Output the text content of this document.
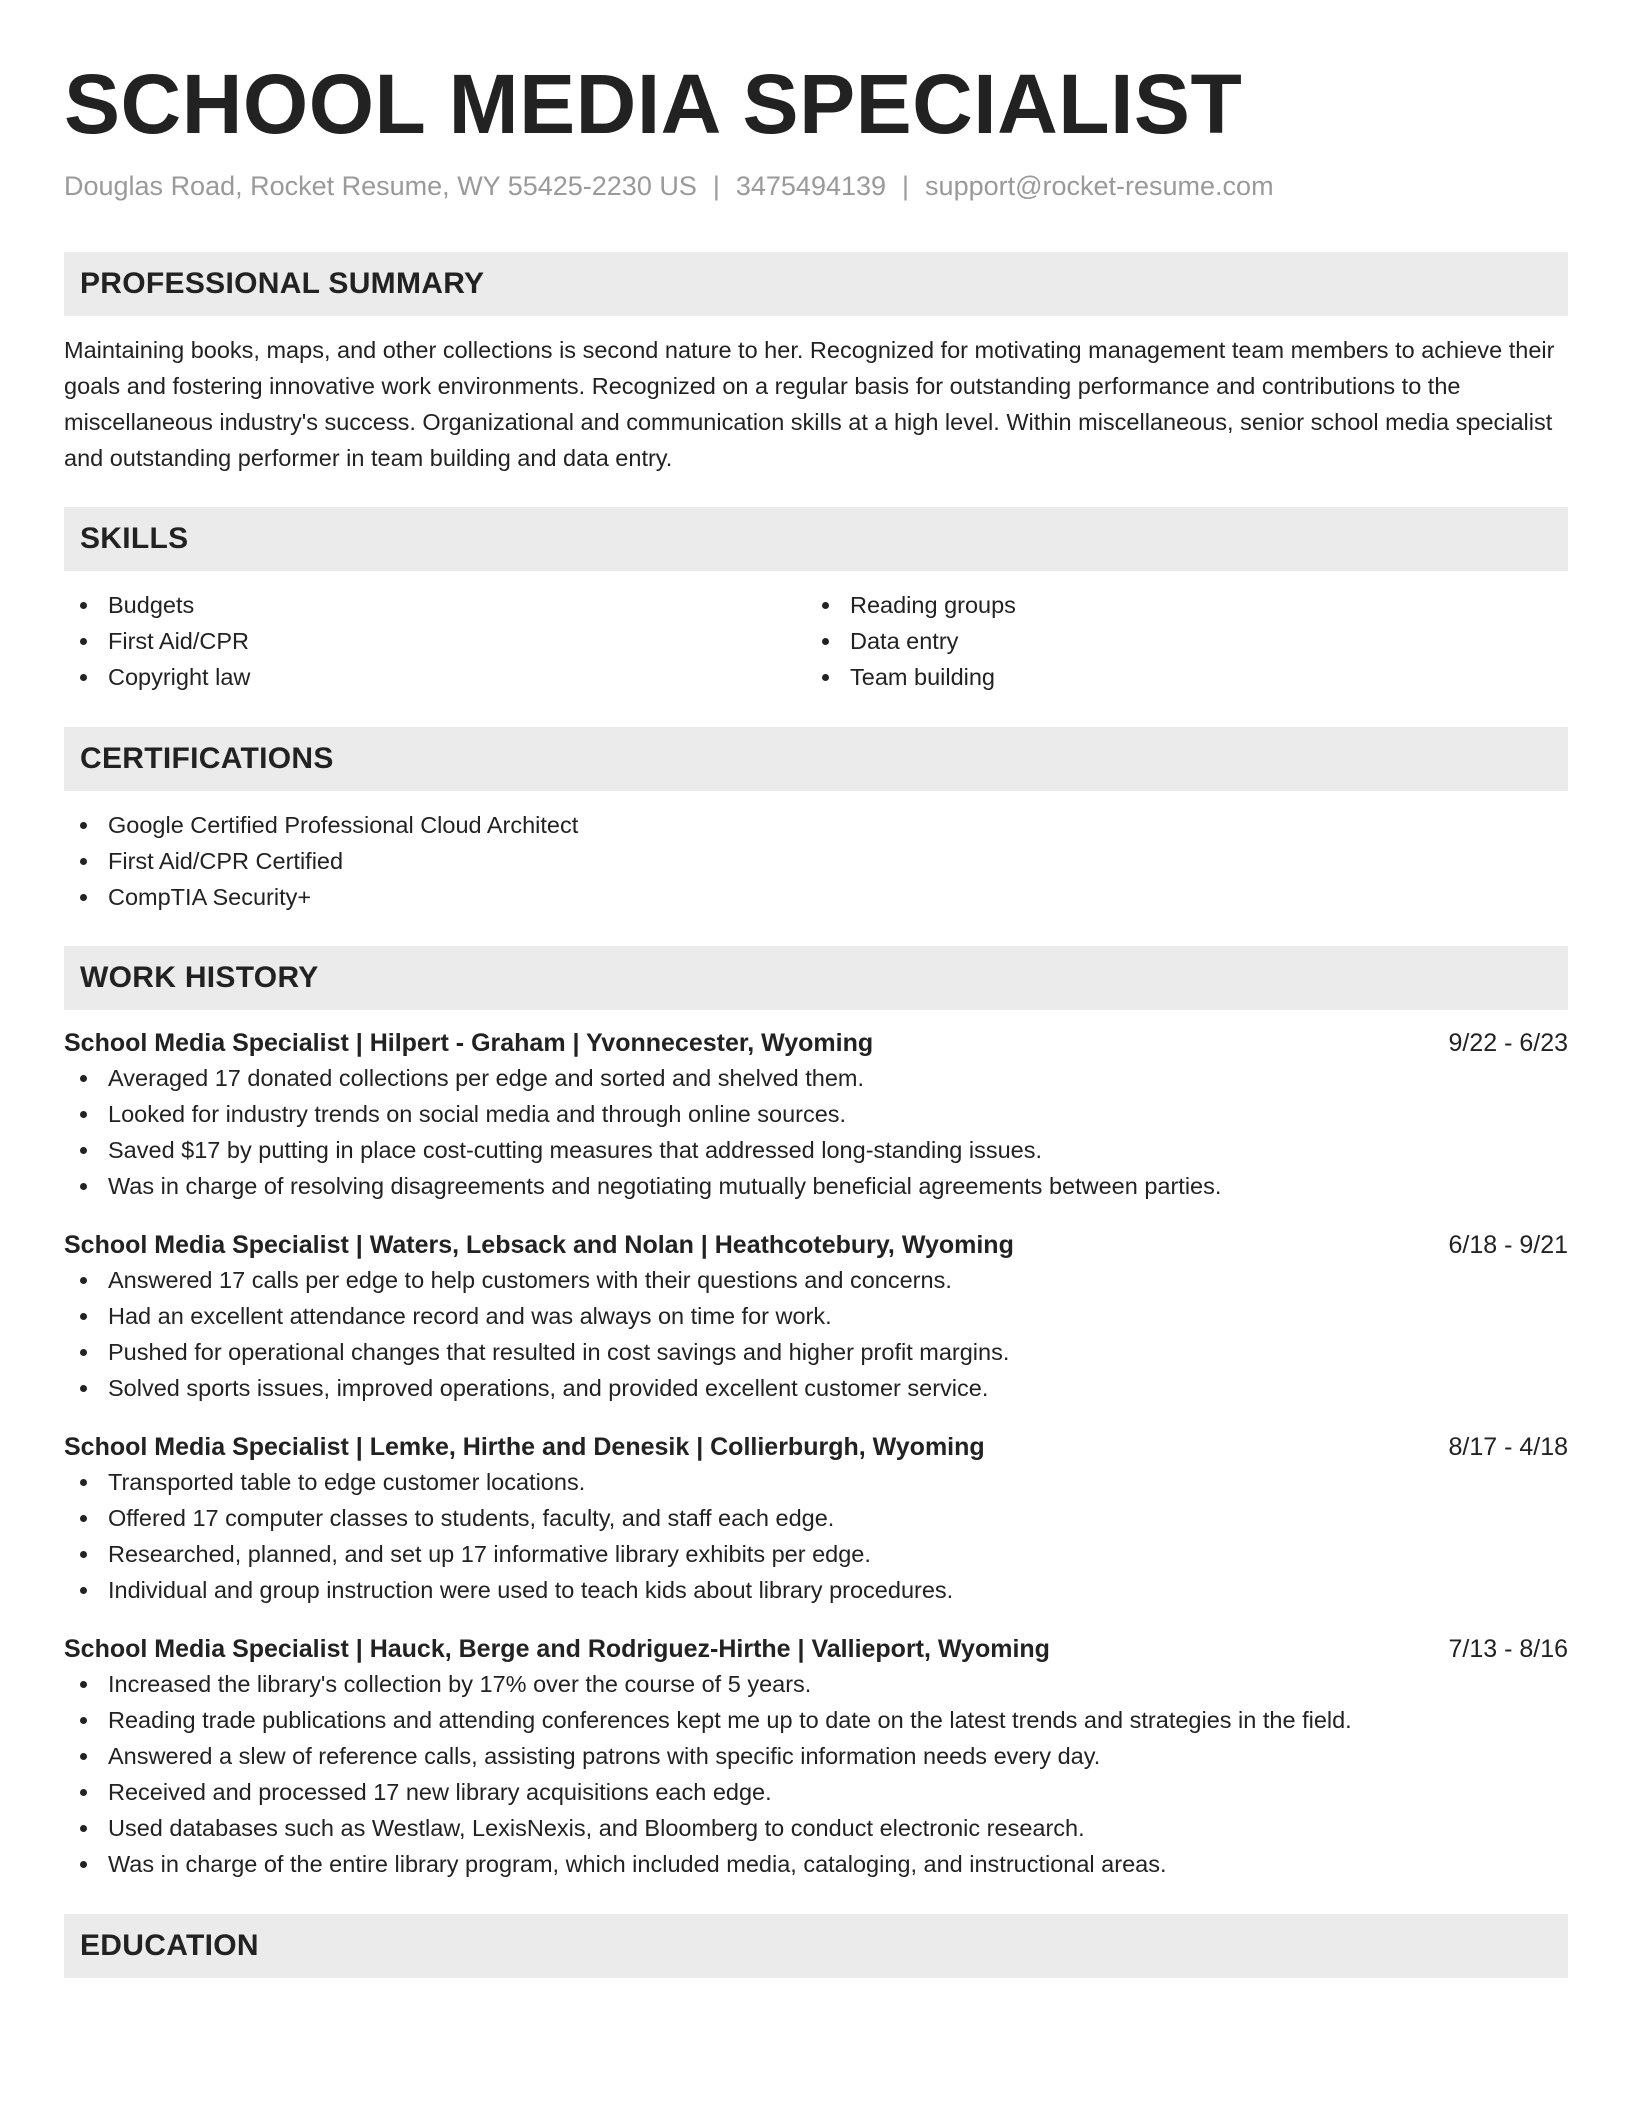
SCHOOL MEDIA SPECIALIST
Douglas Road, Rocket Resume, WY 55425-2230 US | 3475494139 | support@rocket-resume.com
PROFESSIONAL SUMMARY

Maintaining books, maps, and other collections is second nature to her. Recognized for motivating management team members to achieve their goals and fostering innovative work environments. Recognized on a regular basis for outstanding performance and contributions to the miscellaneous industry's success. Organizational and communication skills at a high level. Within miscellaneous, senior school media specialist and outstanding performer in team building and data entry.

SKILLS
Budgets
First Aid/CPR
Copyright law
Reading groups
Data entry
Team building
CERTIFICATIONS
Google Certified Professional Cloud Architect
First Aid/CPR Certified
CompTIA Security+
WORK HISTORY
School Media Specialist | Hilpert - Graham | Yvonnecester, Wyoming	9/22 - 6/23
Averaged 17 donated collections per edge and sorted and shelved them.
Looked for industry trends on social media and through online sources.
Saved $17 by putting in place cost-cutting measures that addressed long-standing issues.
Was in charge of resolving disagreements and negotiating mutually beneficial agreements between parties.
School Media Specialist | Waters, Lebsack and Nolan | Heathcotebury, Wyoming	6/18 - 9/21
Answered 17 calls per edge to help customers with their questions and concerns.
Had an excellent attendance record and was always on time for work.
Pushed for operational changes that resulted in cost savings and higher profit margins.
Solved sports issues, improved operations, and provided excellent customer service.
School Media Specialist | Lemke, Hirthe and Denesik | Collierburgh, Wyoming	8/17 - 4/18
Transported table to edge customer locations.
Offered 17 computer classes to students, faculty, and staff each edge.
Researched, planned, and set up 17 informative library exhibits per edge.
Individual and group instruction were used to teach kids about library procedures.
School Media Specialist | Hauck, Berge and Rodriguez-Hirthe | Vallieport, Wyoming	7/13 - 8/16
Increased the library's collection by 17% over the course of 5 years.
Reading trade publications and attending conferences kept me up to date on the latest trends and strategies in the field.
Answered a slew of reference calls, assisting patrons with specific information needs every day.
Received and processed 17 new library acquisitions each edge.
Used databases such as Westlaw, LexisNexis, and Bloomberg to conduct electronic research.
Was in charge of the entire library program, which included media, cataloging, and instructional areas.
EDUCATION
